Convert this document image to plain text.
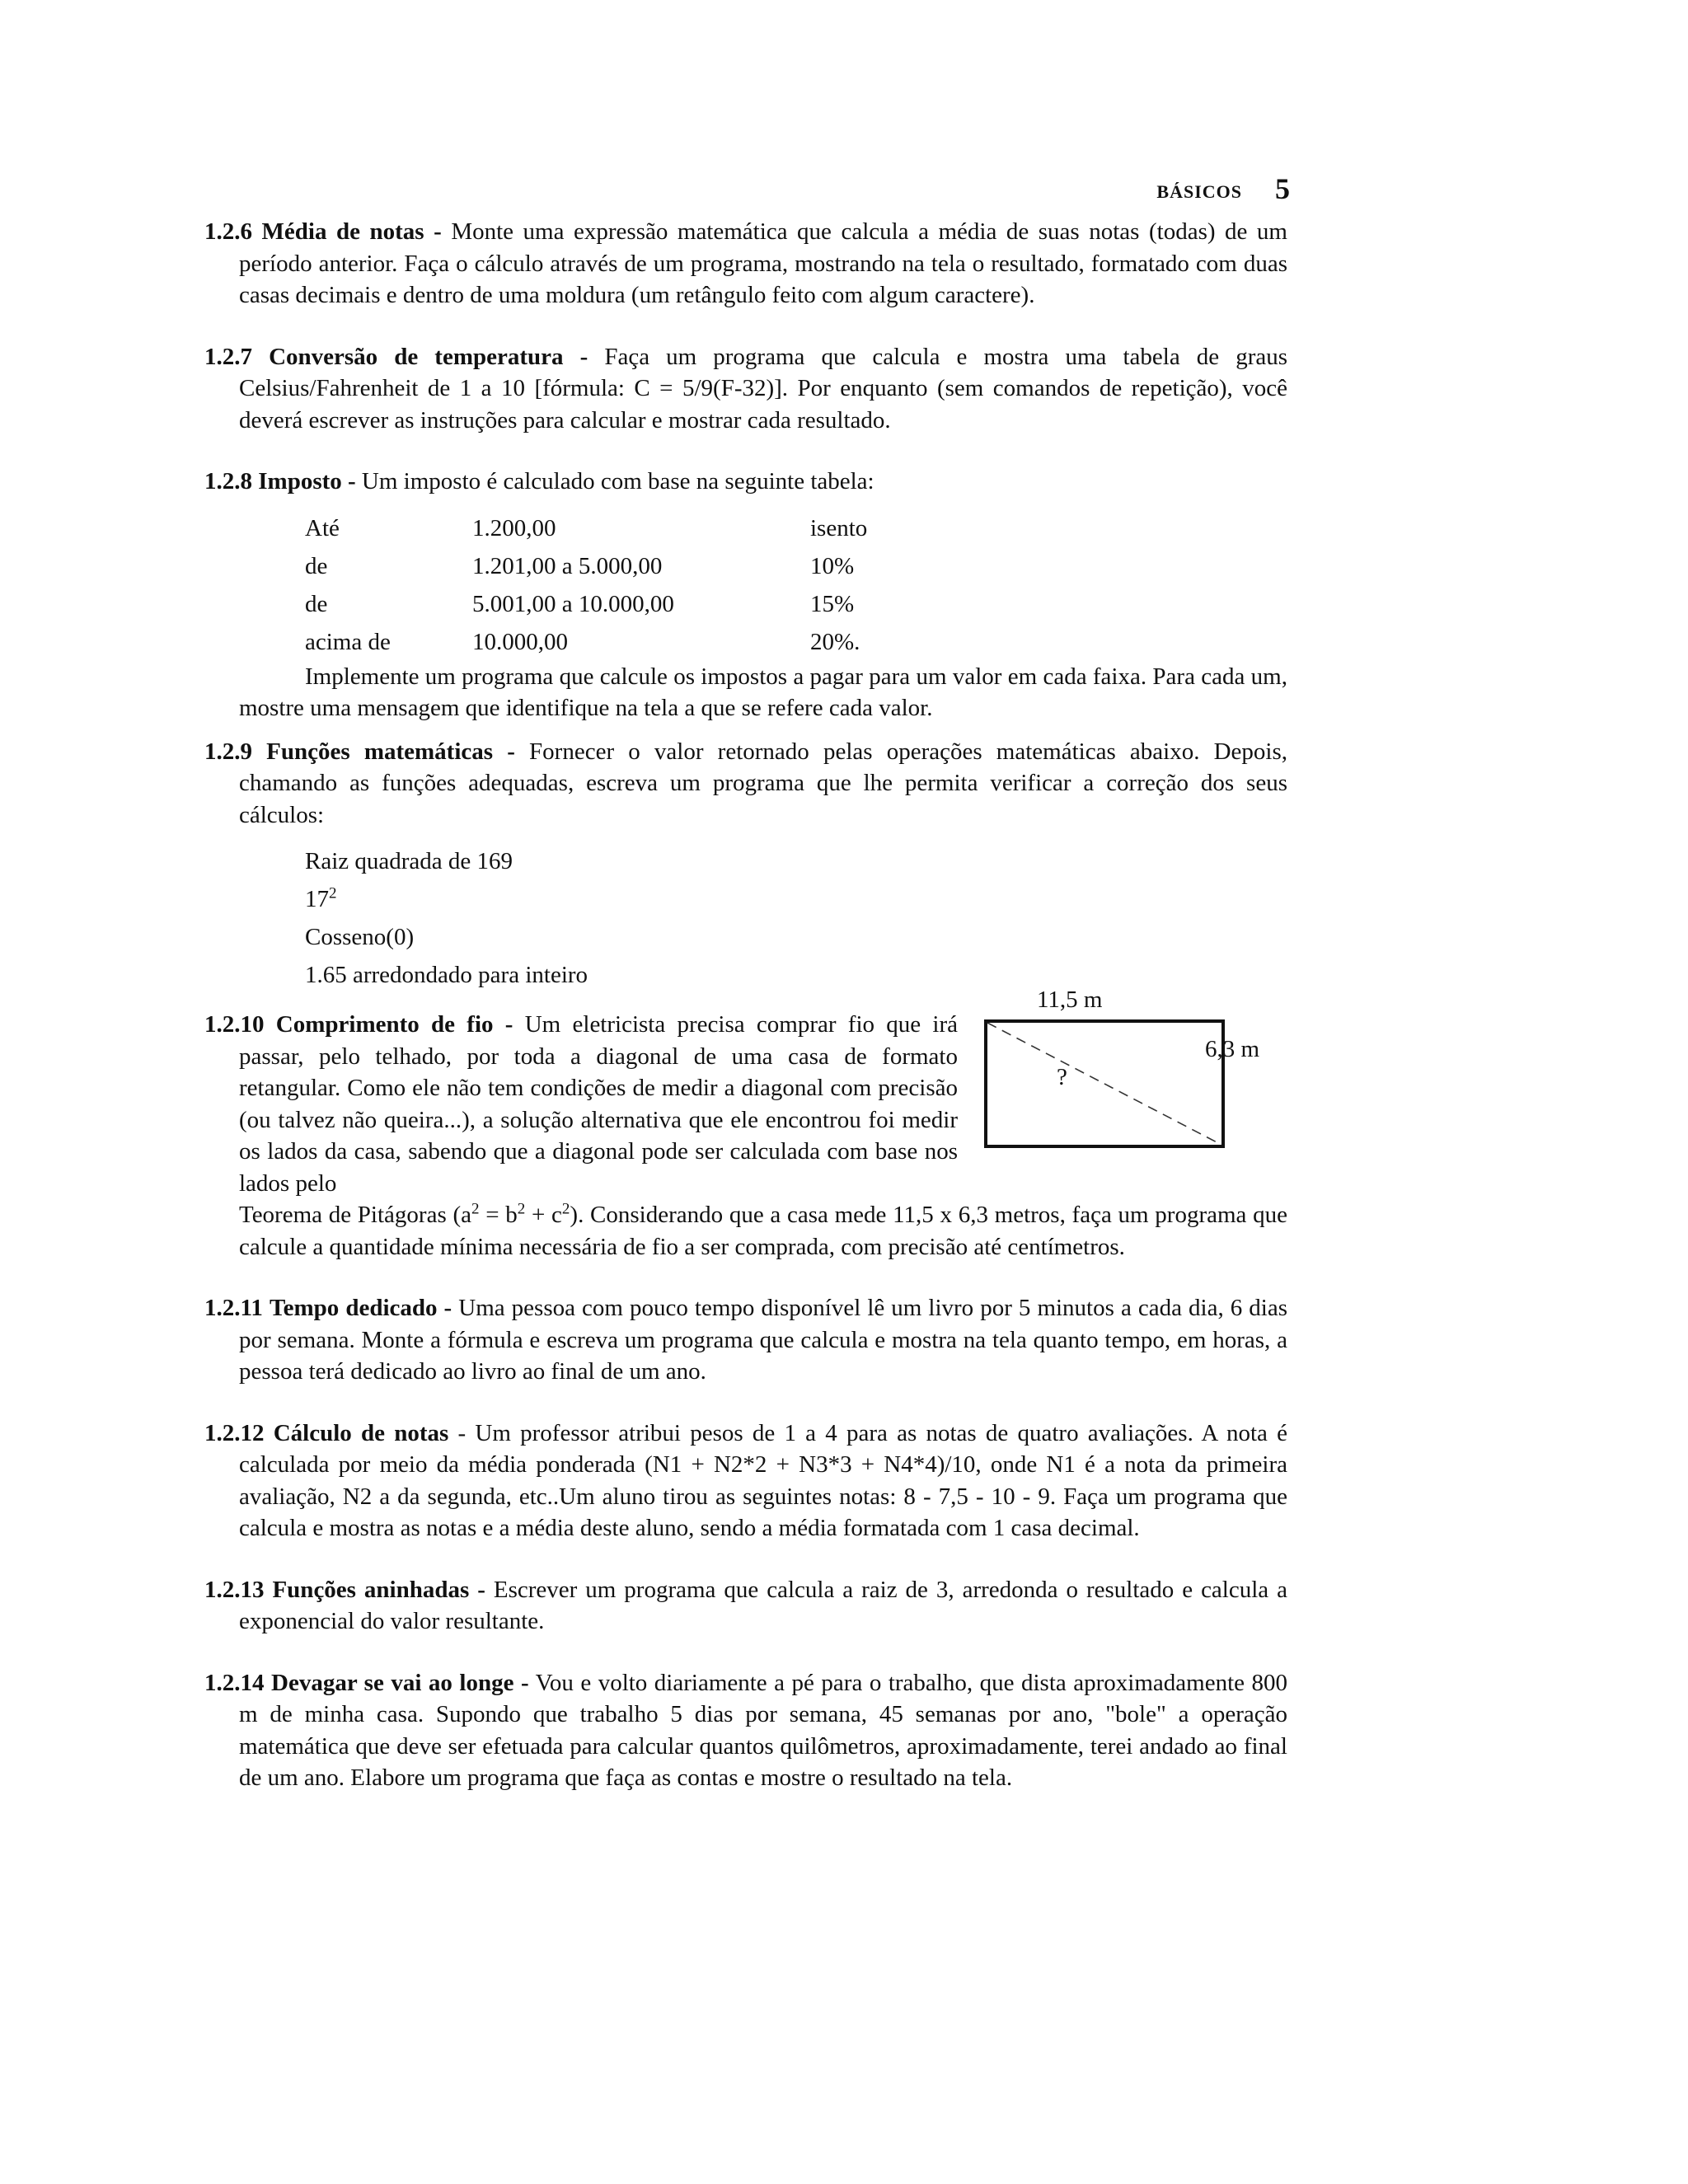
BÁSICOS 5

1.2.6 Média de notas - Monte uma expressão matemática que calcula a média de suas notas (todas) de um período anterior. Faça o cálculo através de um programa, mostrando na tela o resultado, formatado com duas casas decimais e dentro de uma moldura (um retângulo feito com algum caractere).

1.2.7 Conversão de temperatura - Faça um programa que calcula e mostra uma tabela de graus Celsius/Fahrenheit de 1 a 10 [fórmula: C = 5/9(F-32)]. Por enquanto (sem comandos de repetição), você deverá escrever as instruções para calcular e mostrar cada resultado.

1.2.8 Imposto - Um imposto é calculado com base na seguinte tabela:

Até	1.200,00	isento
de	1.201,00 a 5.000,00	10%
de	5.001,00 a 10.000,00	15%
acima de	10.000,00	20%.

Implemente um programa que calcule os impostos a pagar para um valor em cada faixa. Para cada um, mostre uma mensagem que identifique na tela a que se refere cada valor.

1.2.9 Funções matemáticas - Fornecer o valor retornado pelas operações matemáticas abaixo. Depois, chamando as funções adequadas, escreva um programa que lhe permita verificar a correção dos seus cálculos:

Raiz quadrada de 169
$17^2$
Cosseno(0)
1.65 arredondado para inteiro

1.2.10 Comprimento de fio - Um eletricista precisa comprar fio que irá passar, pelo telhado, por toda a diagonal de uma casa de formato retangular. Como ele não tem condições de medir a diagonal com precisão (ou talvez não queira...), a solução alternativa que ele encontrou foi medir os lados da casa, sabendo que a diagonal pode ser calculada com base nos lados pelo

Teorema de Pitágoras $(a^2 = b^2 + c^2)$. Considerando que a casa mede 11,5 x 6,3 metros, faça um programa que calcule a quantidade mínima necessária de fio a ser comprada, com precisão até centímetros.

11,5 m
6,3 m
?

1.2.11 Tempo dedicado - Uma pessoa com pouco tempo disponível lê um livro por 5 minutos a cada dia, 6 dias por semana. Monte a fórmula e escreva um programa que calcula e mostra na tela quanto tempo, em horas, a pessoa terá dedicado ao livro ao final de um ano.

1.2.12 Cálculo de notas - Um professor atribui pesos de 1 a 4 para as notas de quatro avaliações. A nota é calculada por meio da média ponderada (N1 + N2*2 + N3*3 + N4*4)/10, onde N1 é a nota da primeira avaliação, N2 a da segunda, etc..Um aluno tirou as seguintes notas: 8 - 7,5 - 10 - 9. Faça um programa que calcula e mostra as notas e a média deste aluno, sendo a média formatada com 1 casa decimal.

1.2.13 Funções aninhadas - Escrever um programa que calcula a raiz de 3, arredonda o resultado e calcula a exponencial do valor resultante.

1.2.14 Devagar se vai ao longe - Vou e volto diariamente a pé para o trabalho, que dista aproximadamente 800 m de minha casa. Supondo que trabalho 5 dias por semana, 45 semanas por ano, "bole" a operação matemática que deve ser efetuada para calcular quantos quilômetros, aproximadamente, terei andado ao final de um ano. Elabore um programa que faça as contas e mostre o resultado na tela.
